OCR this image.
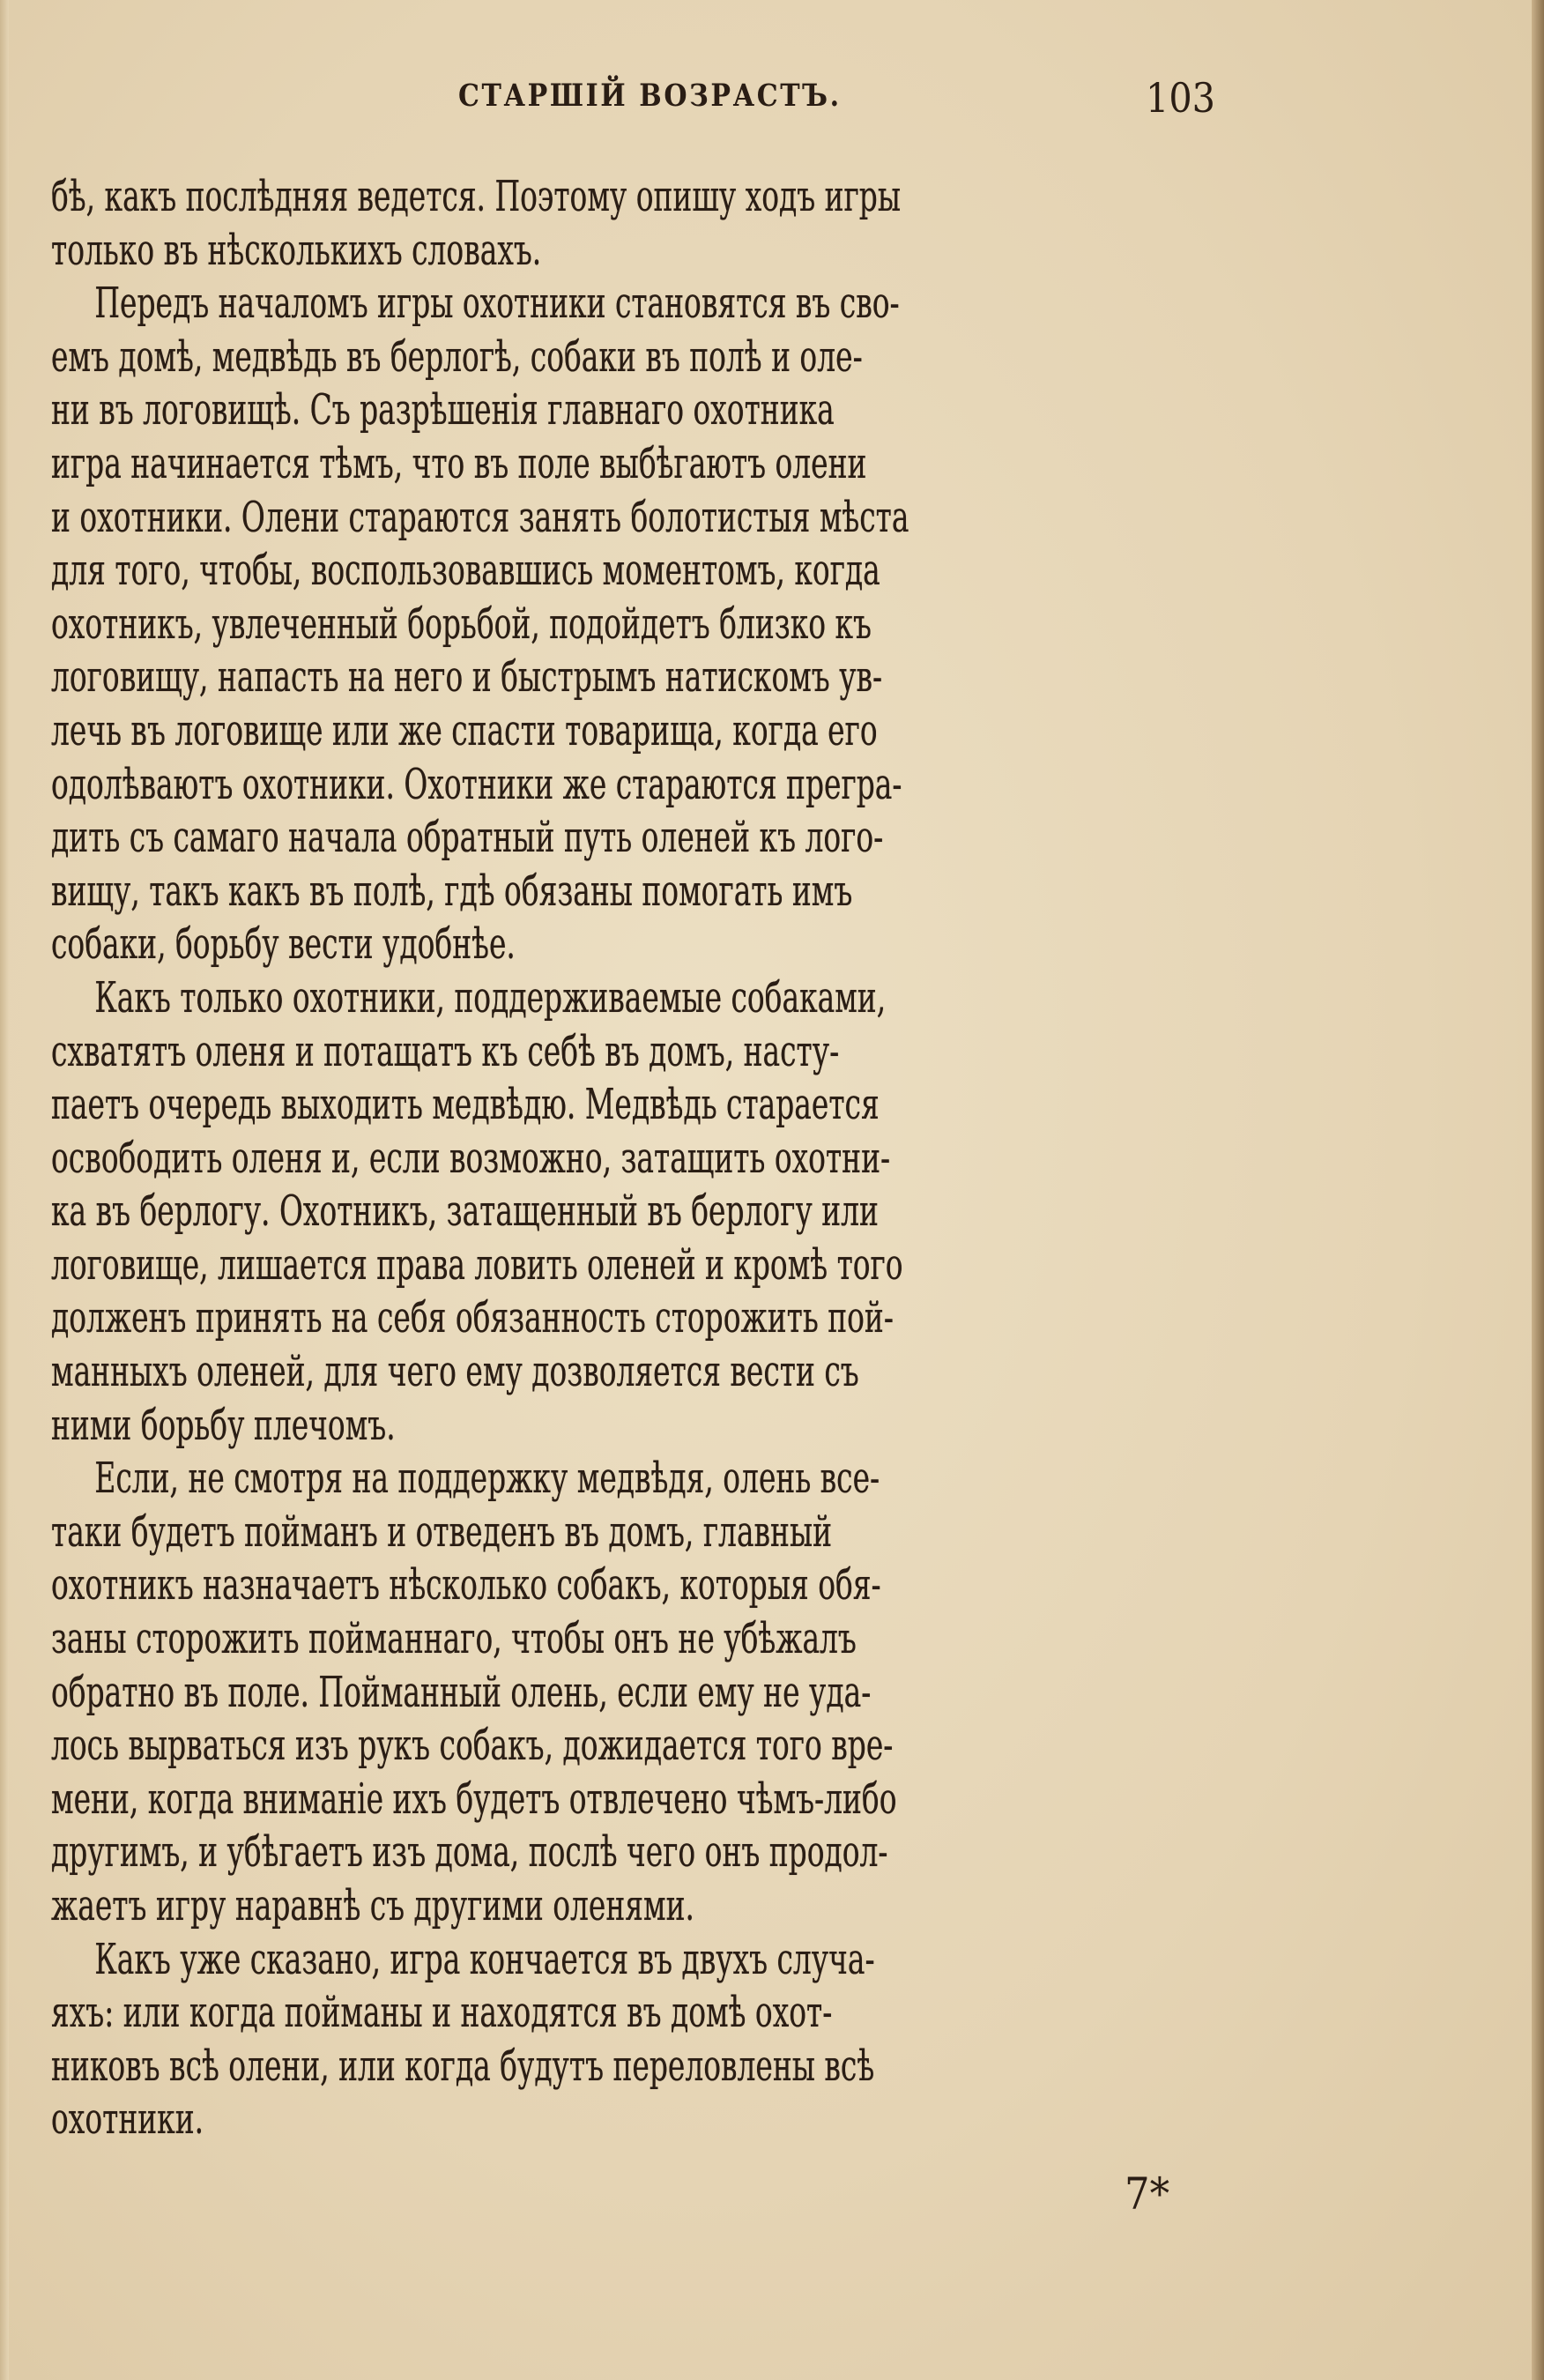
СТАРШІЙ ВОЗРАСТЪ.	103
бѣ, какъ послѣдняя ведется. Поэтому опишу ходъ игры
только въ нѣсколькихъ словахъ.
Передъ началомъ игры охотники становятся въ сво-
емъ домѣ, медвѣдь въ берлогѣ, собаки въ полѣ и оле-
ни въ логовищѣ. Съ разрѣшенія главнаго охотника
игра начинается тѣмъ, что въ поле выбѣгаютъ олени
и охотники. Олени стараются занять болотистыя мѣста
для того, чтобы, воспользовавшись моментомъ, когда
охотникъ, увлеченный борьбой, подойдетъ близко къ
логовищу, напасть на него и быстрымъ натискомъ ув-
лечь въ логовище или же спасти товарища, когда его
одолѣваютъ охотники. Охотники же стараются прегра-
дить съ самаго начала обратный путь оленей къ лого-
вищу, такъ какъ въ полѣ, гдѣ обязаны помогать имъ
собаки, борьбу вести удобнѣе.
Какъ только охотники, поддерживаемые собаками,
схватятъ оленя и потащатъ къ себѣ въ домъ, насту-
паетъ очередь выходить медвѣдю. Медвѣдь старается
освободить оленя и, если возможно, затащить охотни-
ка въ берлогу. Охотникъ, затащенный въ берлогу или
логовище, лишается права ловить оленей и кромѣ того
долженъ принять на себя обязанность сторожить пой-
манныхъ оленей, для чего ему дозволяется вести съ
ними борьбу плечомъ.
Если, не смотря на поддержку медвѣдя, олень все-
таки будетъ пойманъ и отведенъ въ домъ, главный
охотникъ назначаетъ нѣсколько собакъ, которыя обя-
заны сторожить пойманнаго, чтобы онъ не убѣжалъ
обратно въ поле. Пойманный олень, если ему не уда-
лось вырваться изъ рукъ собакъ, дожидается того вре-
мени, когда вниманіе ихъ будетъ отвлечено чѣмъ-либо
другимъ, и убѣгаетъ изъ дома, послѣ чего онъ продол-
жаетъ игру наравнѣ съ другими оленями.
Какъ уже сказано, игра кончается въ двухъ случа-
яхъ: или когда пойманы и находятся въ домѣ охот-
никовъ всѣ олени, или когда будутъ переловлены всѣ
охотники.
7*
